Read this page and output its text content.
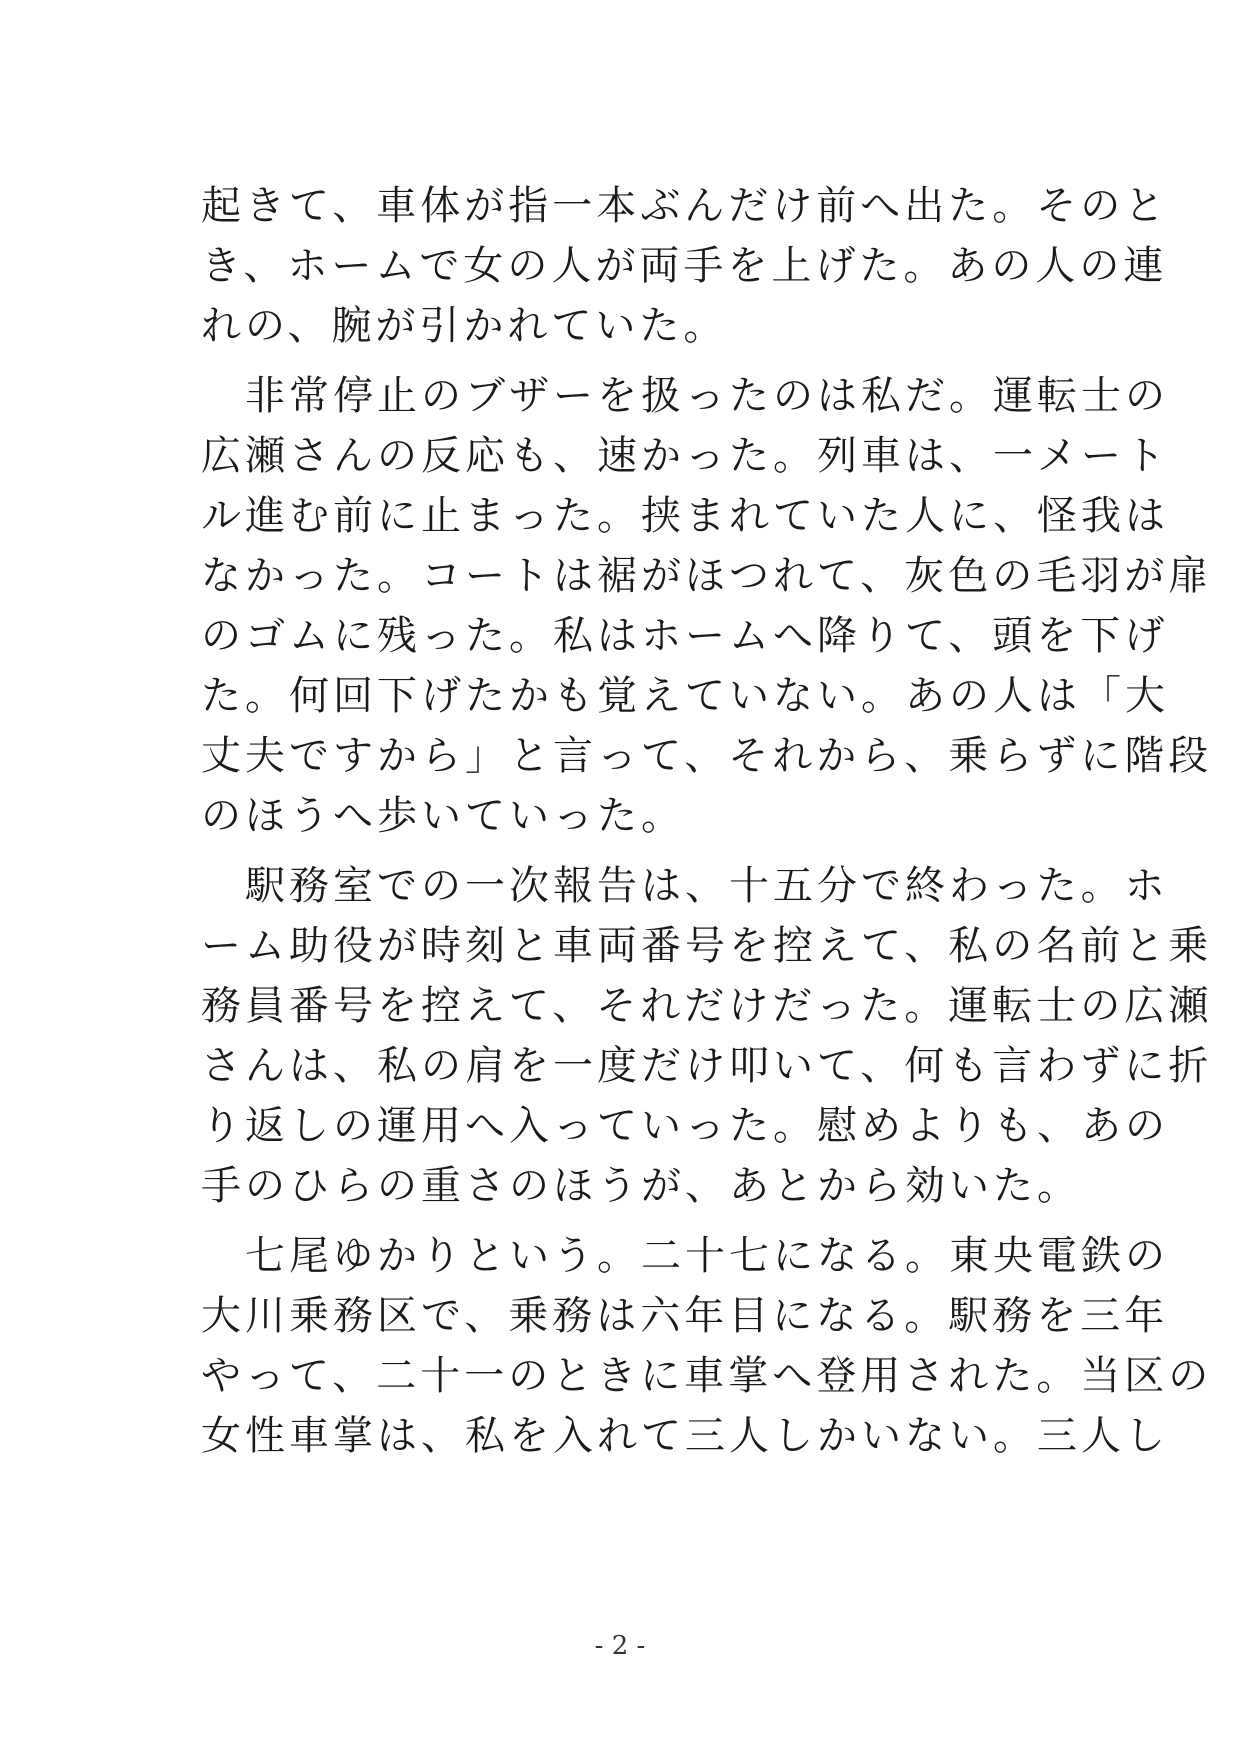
起きて、車体が指一本ぶんだけ前へ出た。そのと
き、ホームで女の人が両手を上げた。あの人の連
れの、腕が引かれていた。
　非常停止のブザーを扱ったのは私だ。運転士の
広瀬さんの反応も、速かった。列車は、一メート
ル進む前に止まった。挟まれていた人に、怪我は
なかった。コートは裾がほつれて、灰色の毛羽が扉
のゴムに残った。私はホームへ降りて、頭を下げ
た。何回下げたかも覚えていない。あの人は「大
丈夫ですから」と言って、それから、乗らずに階段
のほうへ歩いていった。
　駅務室での一次報告は、十五分で終わった。ホ
ーム助役が時刻と車両番号を控えて、私の名前と乗
務員番号を控えて、それだけだった。運転士の広瀬
さんは、私の肩を一度だけ叩いて、何も言わずに折
り返しの運用へ入っていった。慰めよりも、あの
手のひらの重さのほうが、あとから効いた。
　七尾ゆかりという。二十七になる。東央電鉄の
大川乗務区で、乗務は六年目になる。駅務を三年
やって、二十一のときに車掌へ登用された。当区の
女性車掌は、私を入れて三人しかいない。三人し
- 2 -
